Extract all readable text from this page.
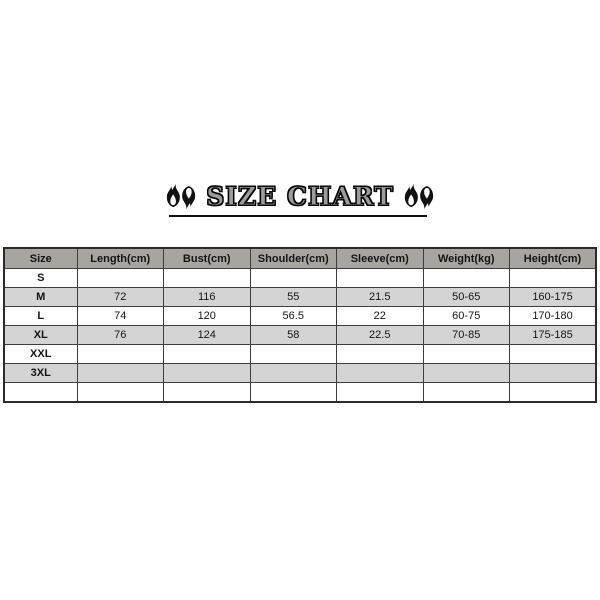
SIZE CHART
Size	Length(cm)	Bust(cm)	Shoulder(cm)	Sleeve(cm)	Weight(kg)	Height(cm)
S						
M	72	116	55	21.5	50-65	160-175
L	74	120	56.5	22	60-75	170-180
XL	76	124	58	22.5	70-85	175-185
XXL						
3XL						
